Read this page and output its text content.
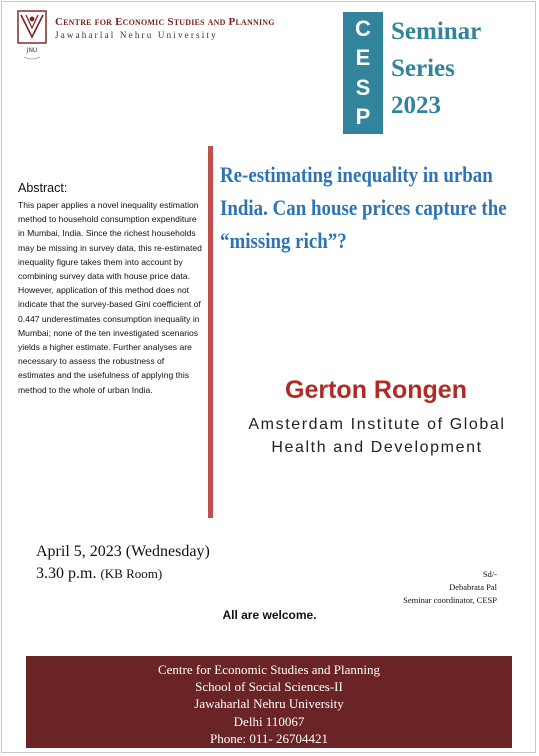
JNU
Centre for Economic Studies and Planning
Jawaharlal Nehru University	C
E
S
P
Seminar
Series
2023
Abstract:
This paper applies a novel inequality estimation method to household consumption expenditure in Mumbai, India. Since the richest households may be missing in survey data, this re-estimated inequality figure takes them into account by combining survey data with house price data. However, application of this method does not indicate that the survey-based Gini coefficient of 0.447 underestimates consumption inequality in Mumbai; none of the ten investigated scenarios yields a higher estimate. Further analyses are necessary to assess the robustness of estimates and the usefulness of applying this method to the whole of urban India.
Re-estimating inequality in urban India. Can house prices capture the “missing rich”?
Gerton Rongen
Amsterdam Institute of Global
Health and Development
April 5, 2023 (Wednesday)
3.30 p.m. (KB Room)	Sd/-
Debabrata Pal
Seminar coordinator, CESP
All are welcome.
Centre for Economic Studies and Planning
School of Social Sciences-II
Jawaharlal Nehru University
Delhi 110067
Phone: 011- 26704421
